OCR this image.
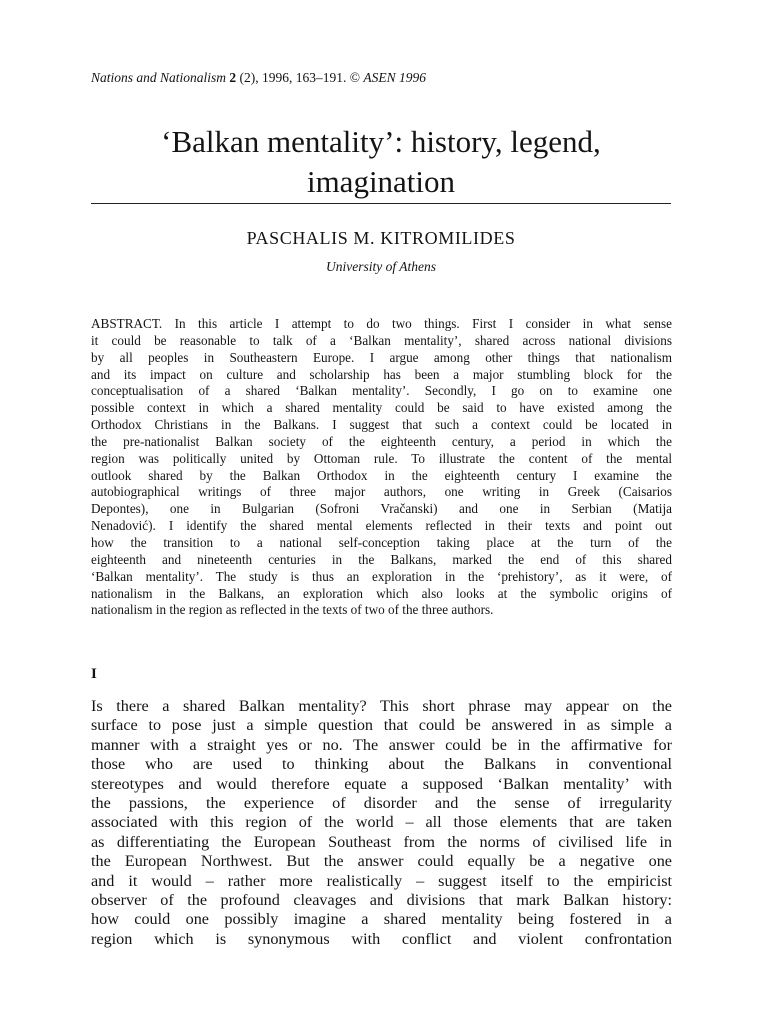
Nations and Nationalism 2 (2), 1996, 163–191. © ASEN 1996
‘Balkan mentality’: history, legend,
imagination
PASCHALIS M. KITROMILIDES
University of Athens
ABSTRACT. In this article I attempt to do two things. First I consider in what sense
it could be reasonable to talk of a ‘Balkan mentality’, shared across national divisions
by all peoples in Southeastern Europe. I argue among other things that nationalism
and its impact on culture and scholarship has been a major stumbling block for the
conceptualisation of a shared ‘Balkan mentality’. Secondly, I go on to examine one
possible context in which a shared mentality could be said to have existed among the
Orthodox Christians in the Balkans. I suggest that such a context could be located in
the pre-nationalist Balkan society of the eighteenth century, a period in which the
region was politically united by Ottoman rule. To illustrate the content of the mental
outlook shared by the Balkan Orthodox in the eighteenth century I examine the
autobiographical writings of three major authors, one writing in Greek (Caisarios
Depontes), one in Bulgarian (Sofroni Vračanski) and one in Serbian (Matija
Nenadović). I identify the shared mental elements reflected in their texts and point out
how the transition to a national self-conception taking place at the turn of the
eighteenth and nineteenth centuries in the Balkans, marked the end of this shared
‘Balkan mentality’. The study is thus an exploration in the ‘prehistory’, as it were, of
nationalism in the Balkans, an exploration which also looks at the symbolic origins of
nationalism in the region as reflected in the texts of two of the three authors.
I
Is there a shared Balkan mentality? This short phrase may appear on the
surface to pose just a simple question that could be answered in as simple a
manner with a straight yes or no. The answer could be in the affirmative for
those who are used to thinking about the Balkans in conventional
stereotypes and would therefore equate a supposed ‘Balkan mentality’ with
the passions, the experience of disorder and the sense of irregularity
associated with this region of the world – all those elements that are taken
as differentiating the European Southeast from the norms of civilised life in
the European Northwest. But the answer could equally be a negative one
and it would – rather more realistically – suggest itself to the empiricist
observer of the profound cleavages and divisions that mark Balkan history:
how could one possibly imagine a shared mentality being fostered in a
region which is synonymous with conflict and violent confrontation
